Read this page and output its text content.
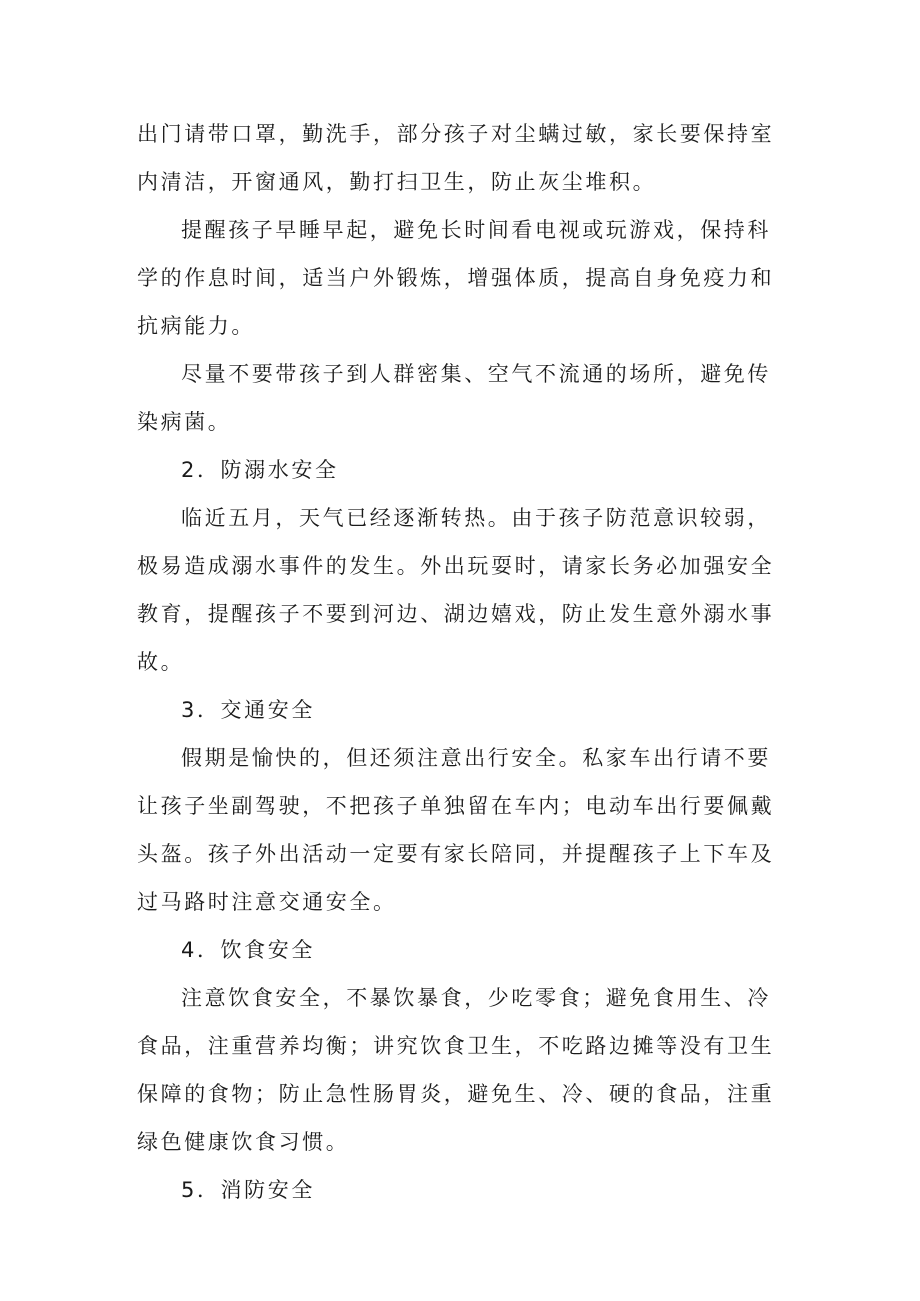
出门请带口罩，勤洗手，部分孩子对尘螨过敏，家长要保持室内清洁，开窗通风，勤打扫卫生，防止灰尘堆积。

提醒孩子早睡早起，避免长时间看电视或玩游戏，保持科学的作息时间，适当户外锻炼，增强体质，提高自身免疫力和抗病能力。

尽量不要带孩子到人群密集、空气不流通的场所，避免传染病菌。

2．防溺水安全

临近五月，天气已经逐渐转热。由于孩子防范意识较弱，极易造成溺水事件的发生。外出玩耍时，请家长务必加强安全教育，提醒孩子不要到河边、湖边嬉戏，防止发生意外溺水事故。

3．交通安全

假期是愉快的，但还须注意出行安全。私家车出行请不要让孩子坐副驾驶，不把孩子单独留在车内；电动车出行要佩戴头盔。孩子外出活动一定要有家长陪同，并提醒孩子上下车及过马路时注意交通安全。

4．饮食安全

注意饮食安全，不暴饮暴食，少吃零食；避免食用生、冷食品，注重营养均衡；讲究饮食卫生，不吃路边摊等没有卫生保障的食物；防止急性肠胃炎，避免生、冷、硬的食品，注重绿色健康饮食习惯。

5．消防安全
